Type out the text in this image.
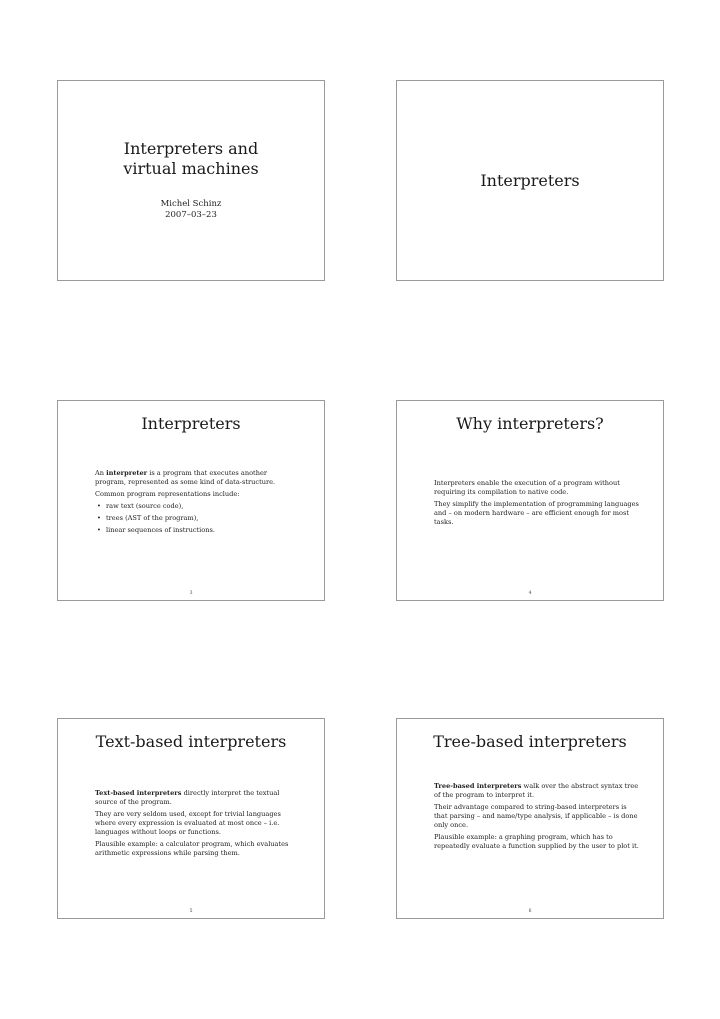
Interpreters and
virtual machines
Michel Schinz
2007–03–23
Interpreters
Interpreters

An interpreter is a program that executes another program, represented as some kind of data-structure.

Common program representations include:

• raw text (source code),
• trees (AST of the program),
• linear sequences of instructions.
3
Why interpreters?

Interpreters enable the execution of a program without requiring its compilation to native code.

They simplify the implementation of programming languages and – on modern hardware – are efficient enough for most tasks.

4
Text-based interpreters

Text-based interpreters directly interpret the textual source of the program.

They are very seldom used, except for trivial languages where every expression is evaluated at most once – i.e. languages without loops or functions.

Plausible example: a calculator program, which evaluates arithmetic expressions while parsing them.

5
Tree-based interpreters

Tree-based interpreters walk over the abstract syntax tree of the program to interpret it.

Their advantage compared to string-based interpreters is that parsing – and name/type analysis, if applicable – is done only once.

Plausible example: a graphing program, which has to repeatedly evaluate a function supplied by the user to plot it.

6
